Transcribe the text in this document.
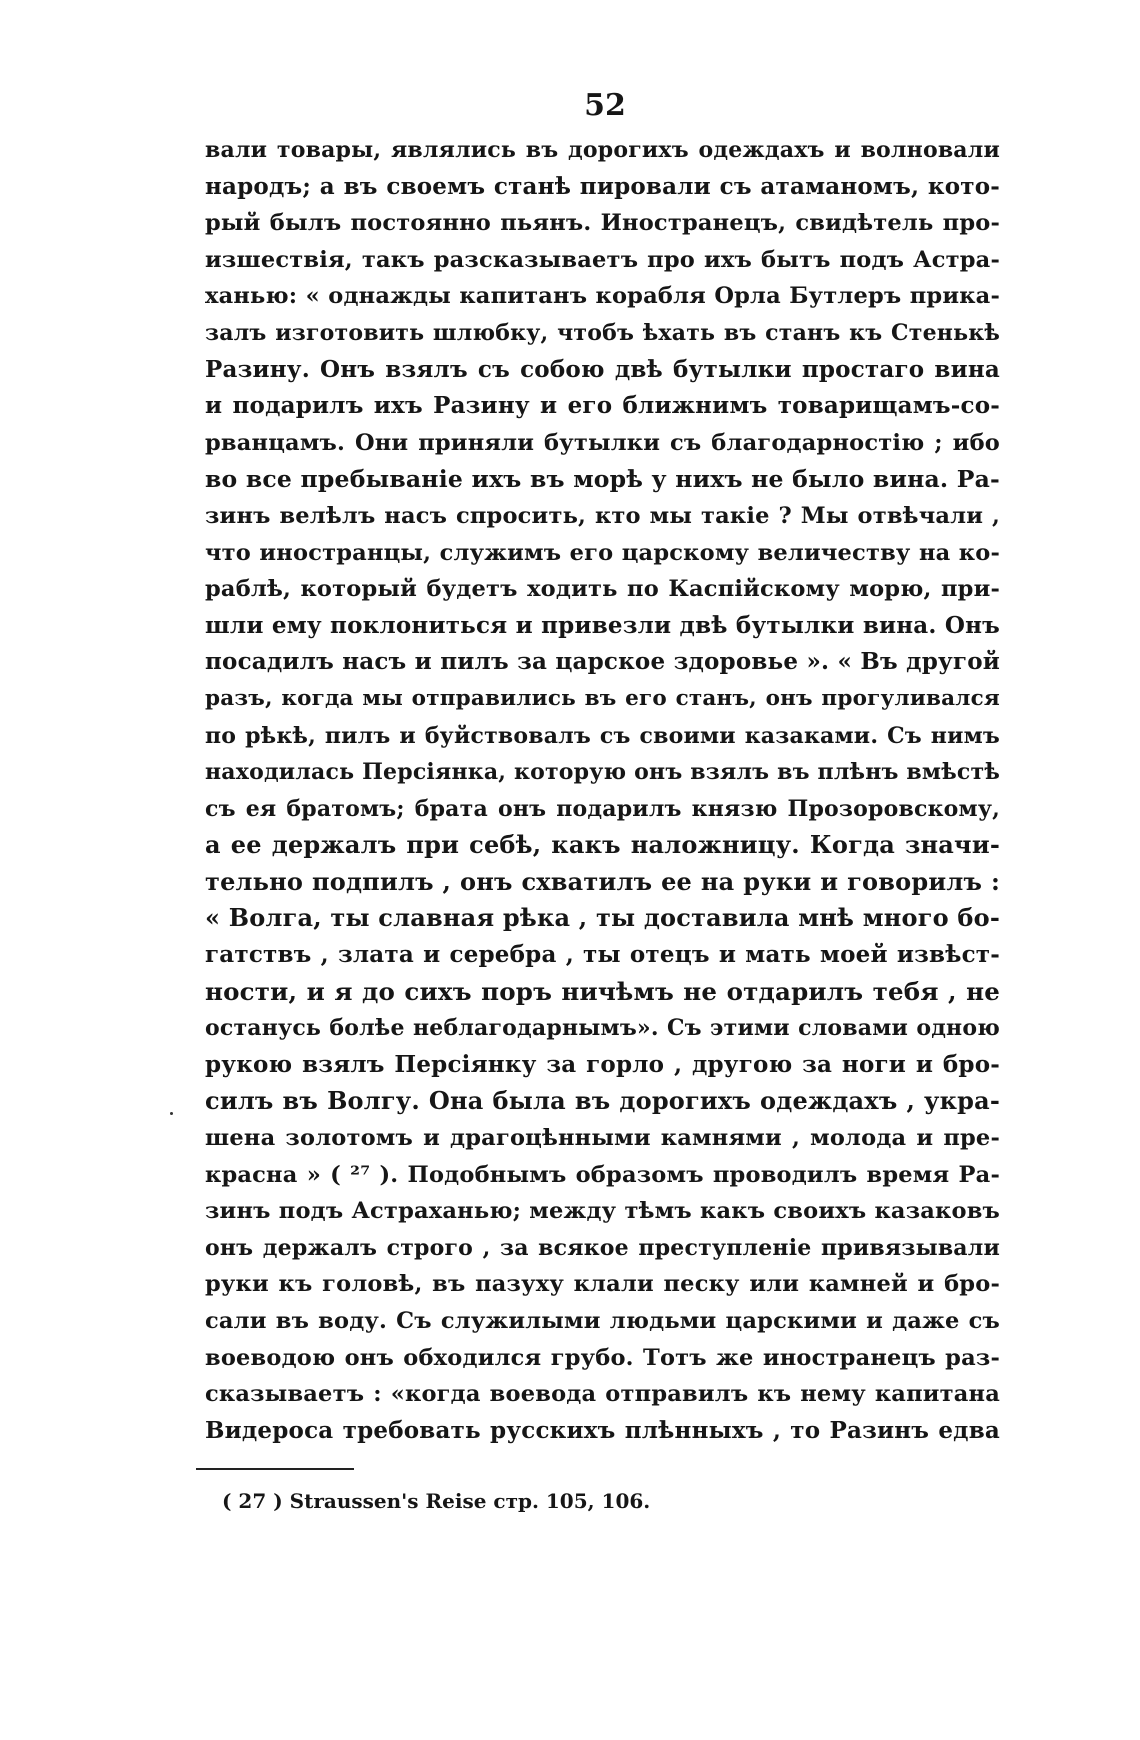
52
вали товары, являлись въ дорогихъ одеждахъ и волновали
народъ; а въ своемъ станѣ пировали съ атаманомъ, кото-
рый былъ постоянно пьянъ. Иностранецъ, свидѣтель про-
изшествія, такъ разсказываетъ про ихъ бытъ подъ Астра-
ханью: « однажды капитанъ корабля Орла Бутлеръ прика-
залъ изготовить шлюбку, чтобъ ѣхать въ станъ къ Стенькѣ
Разину. Онъ взялъ съ собою двѣ бутылки простаго вина
и подарилъ ихъ Разину и его ближнимъ товарищамъ-со-
рванцамъ. Они приняли бутылки съ благодарностію ; ибо
во все пребываніе ихъ въ морѣ у нихъ не было вина. Ра-
зинъ велѣлъ насъ спросить, кто мы такіе ? Мы отвѣчали ,
что иностранцы, служимъ его царскому величеству на ко-
раблѣ, который будетъ ходить по Каспійскому морю, при-
шли ему поклониться и привезли двѣ бутылки вина. Онъ
посадилъ насъ и пилъ за царское здоровье ». « Въ другой
разъ, когда мы отправились въ его станъ, онъ прогуливался
по рѣкѣ, пилъ и буйствовалъ съ своими казаками. Съ нимъ
находилась Персіянка, которую онъ взялъ въ плѣнъ вмѣстѣ
съ ея братомъ; брата онъ подарилъ князю Прозоровскому,
а ее держалъ при себѣ, какъ наложницу. Когда значи-
тельно подпилъ , онъ схватилъ ее на руки и говорилъ :
« Волга, ты славная рѣка , ты доставила мнѣ много бо-
гатствъ , злата и серебра , ты отецъ и мать моей извѣст-
ности, и я до сихъ поръ ничѣмъ не отдарилъ тебя , не
останусь болѣе неблагодарнымъ». Съ этими словами одною
рукою взялъ Персіянку за горло , другою за ноги и бро-
силъ въ Волгу. Она была въ дорогихъ одеждахъ , укра-
шена золотомъ и драгоцѣнными камнями , молода и пре-
красна » ( ²⁷ ). Подобнымъ образомъ проводилъ время Ра-
зинъ подъ Астраханью; между тѣмъ какъ своихъ казаковъ
онъ держалъ строго , за всякое преступленіе привязывали
руки къ головѣ, въ пазуху клали песку или камней и бро-
сали въ воду. Съ служилыми людьми царскими и даже съ
воеводою онъ обходился грубо. Тотъ же иностранецъ раз-
сказываетъ : «когда воевода отправилъ къ нему капитана
Видероса требовать русскихъ плѣнныхъ , то Разинъ едва
( 27 ) Straussen's Reise стр. 105, 106.
